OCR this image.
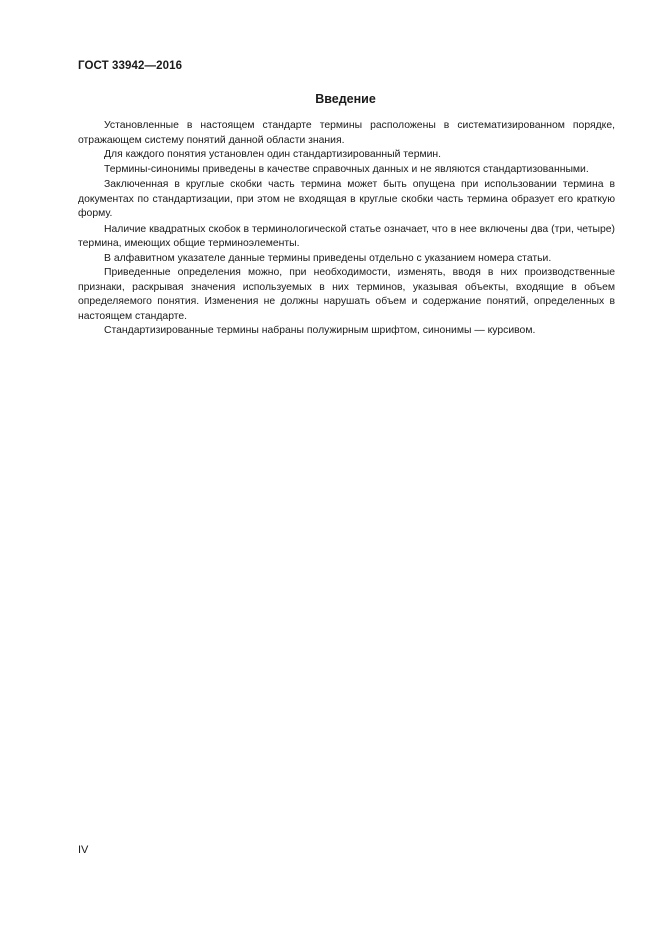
ГОСТ 33942—2016
Введение

Установленные в настоящем стандарте термины расположены в систематизированном порядке, отражающем систему понятий данной области знания.

Для каждого понятия установлен один стандартизированный термин.

Термины-синонимы приведены в качестве справочных данных и не являются стандартизованными.

Заключенная в круглые скобки часть термина может быть опущена при использовании термина в документах по стандартизации, при этом не входящая в круглые скобки часть термина образует его краткую форму.

Наличие квадратных скобок в терминологической статье означает, что в нее включены два (три, четыре) термина, имеющих общие терминоэлементы.

В алфавитном указателе данные термины приведены отдельно с указанием номера статьи.

Приведенные определения можно, при необходимости, изменять, вводя в них производственные признаки, раскрывая значения используемых в них терминов, указывая объекты, входящие в объем определяемого понятия. Изменения не должны нарушать объем и содержание понятий, определенных в настоящем стандарте.

Стандартизированные термины набраны полужирным шрифтом, синонимы — курсивом.

IV
